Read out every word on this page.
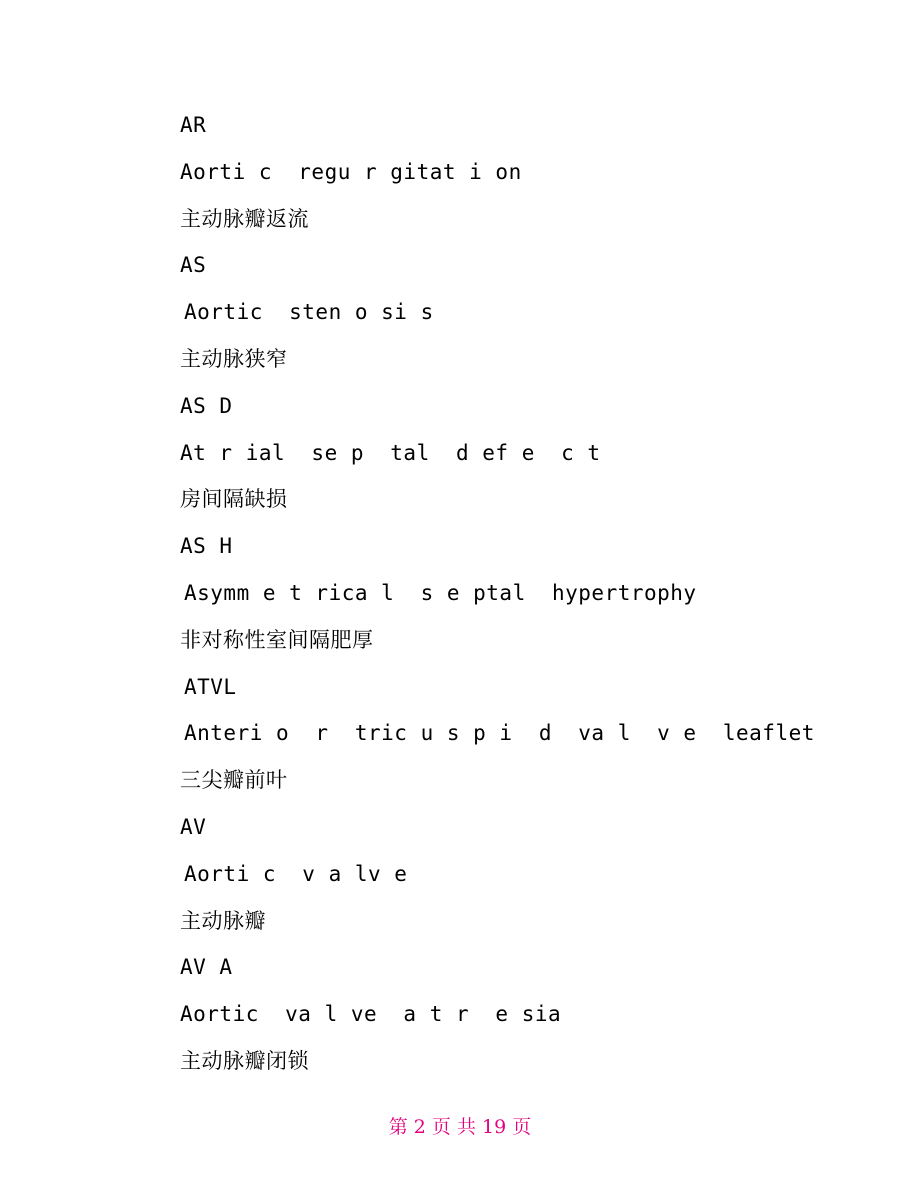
AR
Aorti c  regu r gitat i on
主动脉瓣返流
AS
Aortic  sten o si s
主动脉狭窄
AS D
At r ial  se p  tal  d ef e  c t
房间隔缺损
AS H
Asymm e t rica l  s e ptal  hypertrophy
非对称性室间隔肥厚
ATVL
Anteri o  r  tric u s p i  d  va l  v e  leaflet
三尖瓣前叶
AV
Aorti c  v a lv e
主动脉瓣
AV A
Aortic  va l ve  a t r  e sia
主动脉瓣闭锁
第 2 页 共 19 页
